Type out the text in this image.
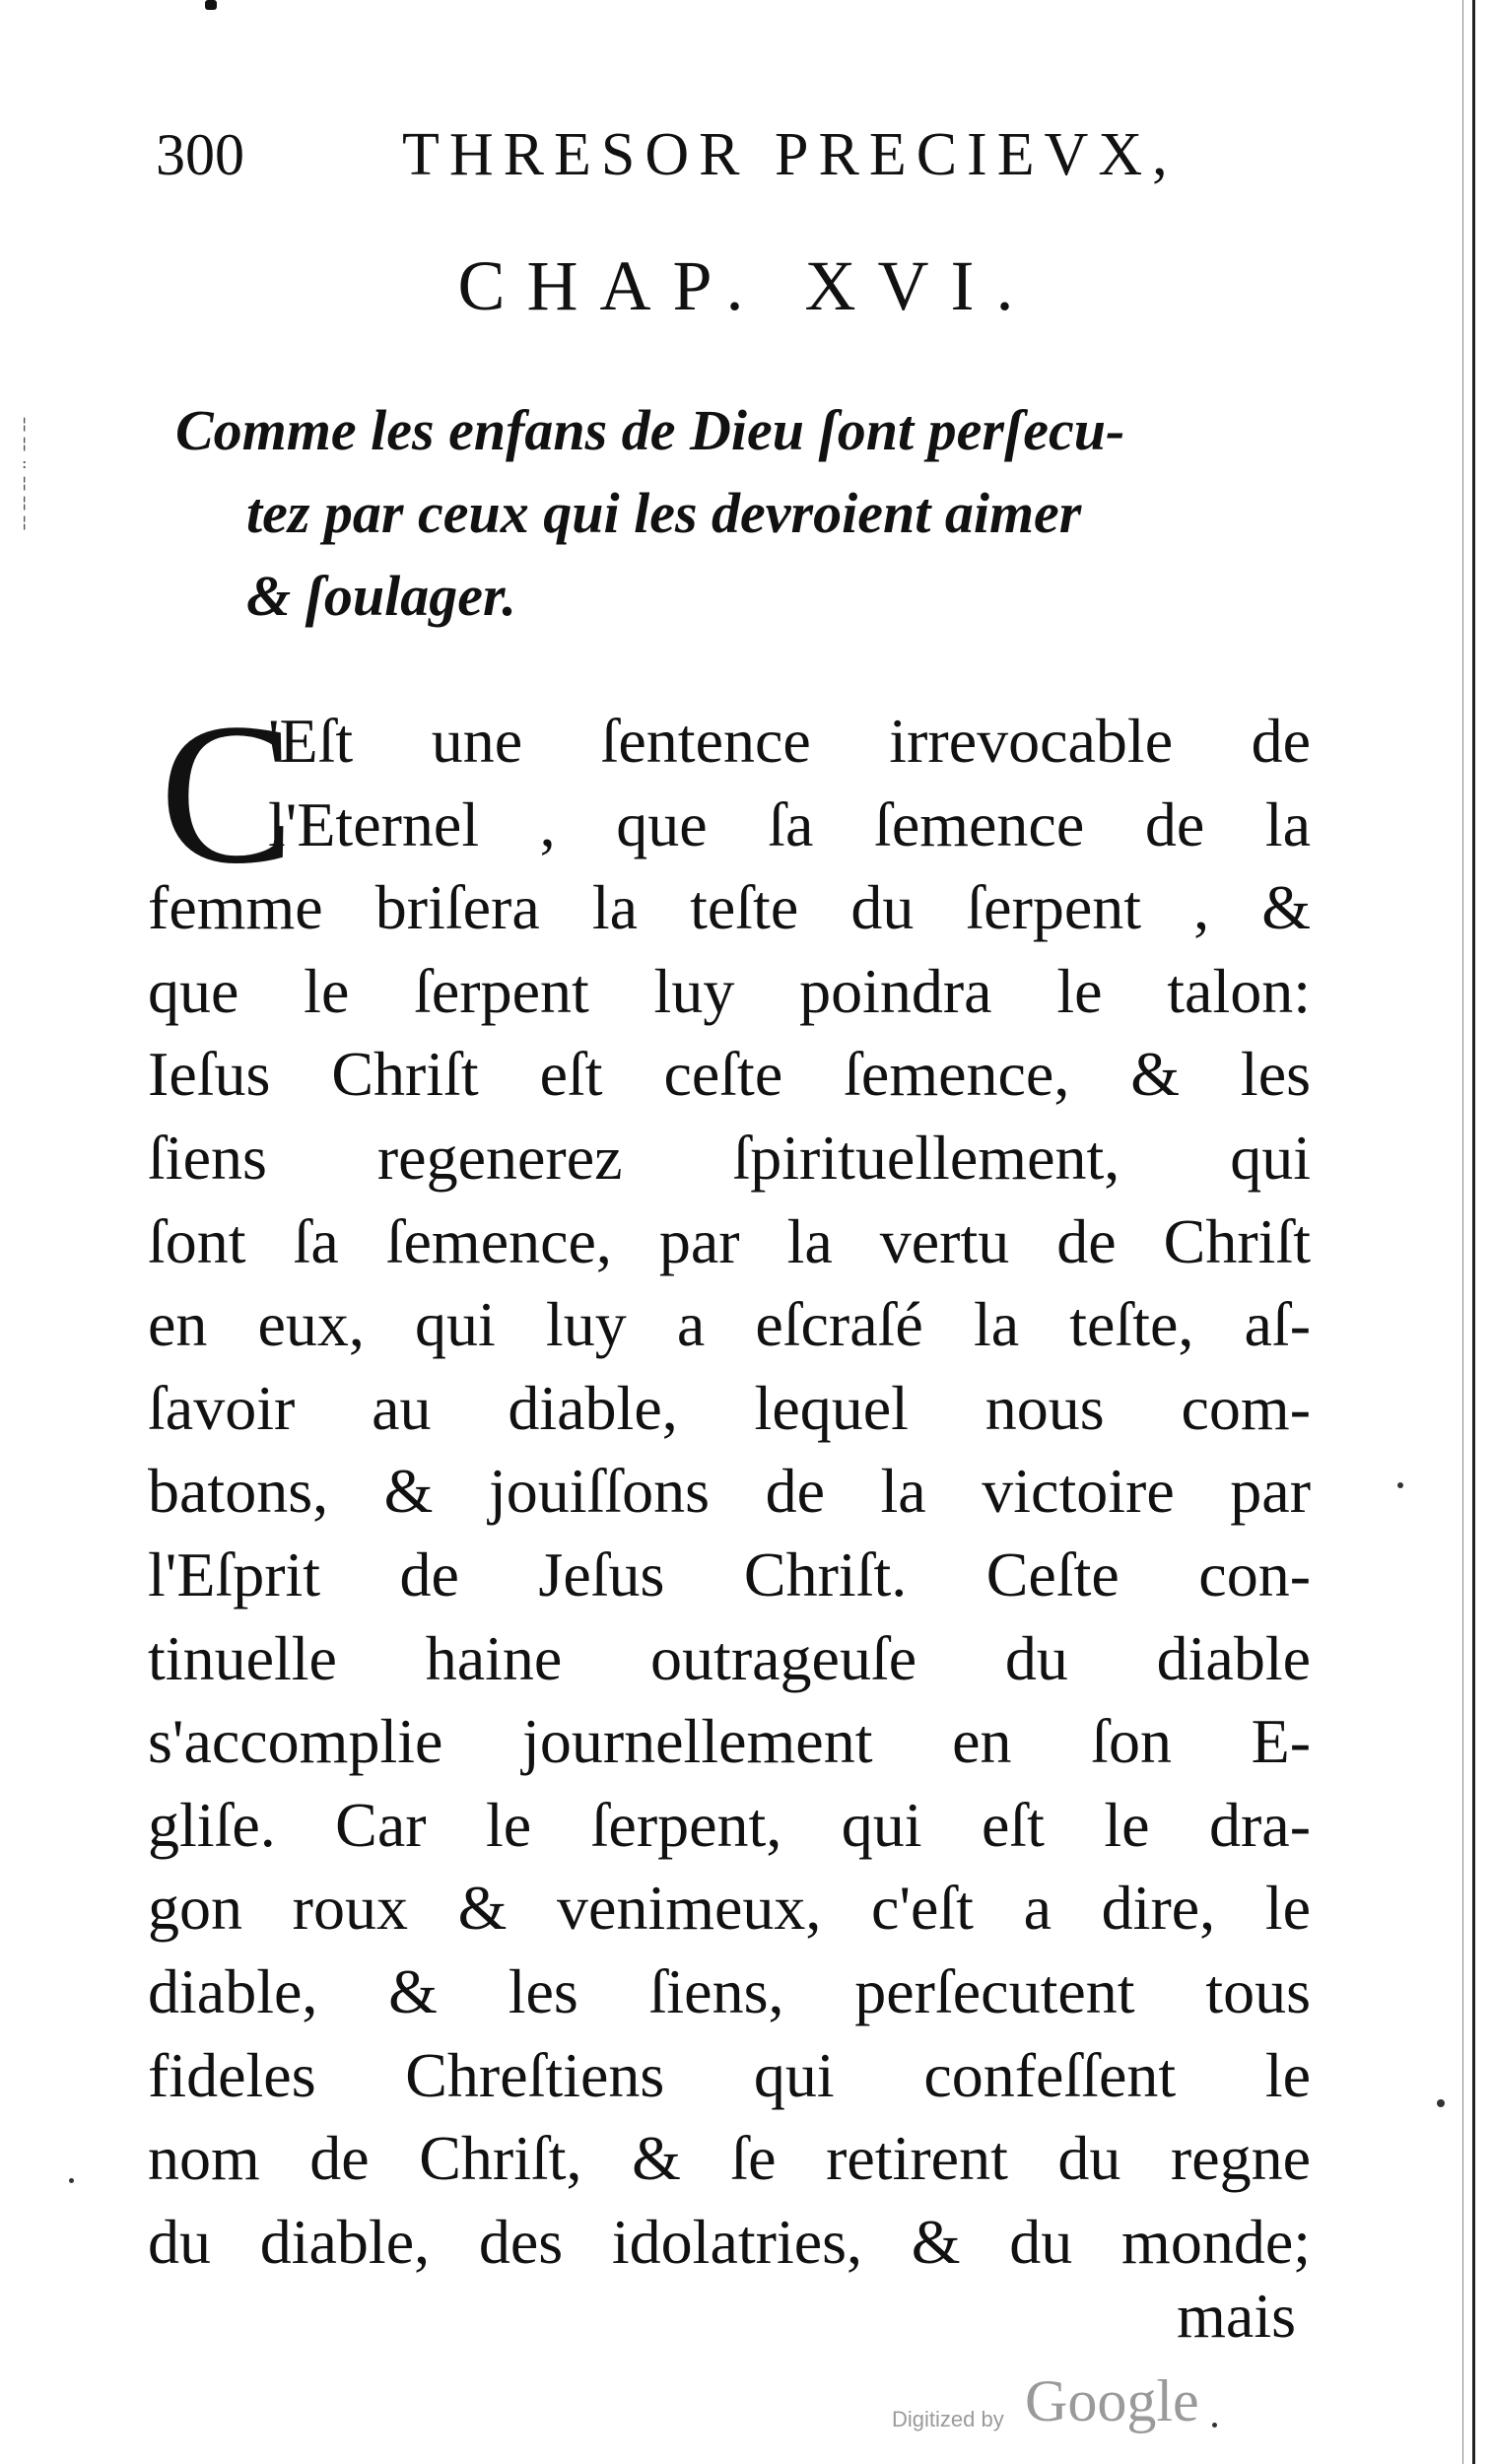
¦
¦
:
¦
¦
¦
300	THRESOR PRECIEVX,
CHAP. XVI.
Comme les enfans de Dieu ſont perſecu-
tez par ceux qui les devroient aimer
& ſoulager.
C
'Eſt une ſentence irrevocable de
l'Eternel , que ſa ſemence de la
femme briſera la teſte du ſerpent , &
que le ſerpent luy poindra le talon:
Ieſus Chriſt eſt ceſte ſemence, & les
ſiens regenerez ſpirituellement, qui
ſont ſa ſemence, par la vertu de Chriſt
en eux, qui luy a eſcraſé la teſte, aſ-
ſavoir au diable, lequel nous com-
batons, & jouiſſons de la victoire par
l'Eſprit de Jeſus Chriſt. Ceſte con-
tinuelle haine outrageuſe du diable
s'accomplie journellement en ſon E-
gliſe. Car le ſerpent, qui eſt le dra-
gon roux & venimeux, c'eſt a dire, le
diable, & les ſiens, perſecutent tous
fideles Chreſtiens qui confeſſent le
nom de Chriſt, & ſe retirent du regne
du diable, des idolatries, & du monde;
mais
Digitized by Google
